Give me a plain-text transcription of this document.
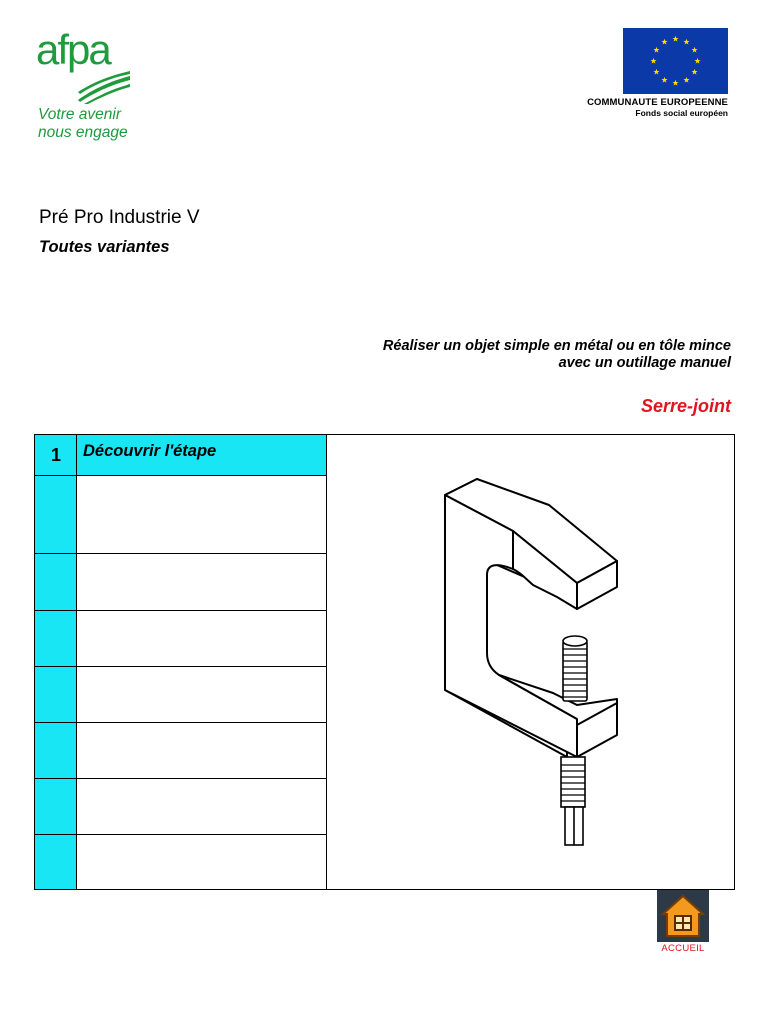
afpa
Votre avenir
nous engage
COMMUNAUTE EUROPEENNE
Fonds social européen
Pré Pro Industrie V
Toutes variantes
Réaliser un objet simple en métal ou en tôle mince
avec un outillage manuel
Serre-joint
1	Découvrir l'étape
ACCUEIL
